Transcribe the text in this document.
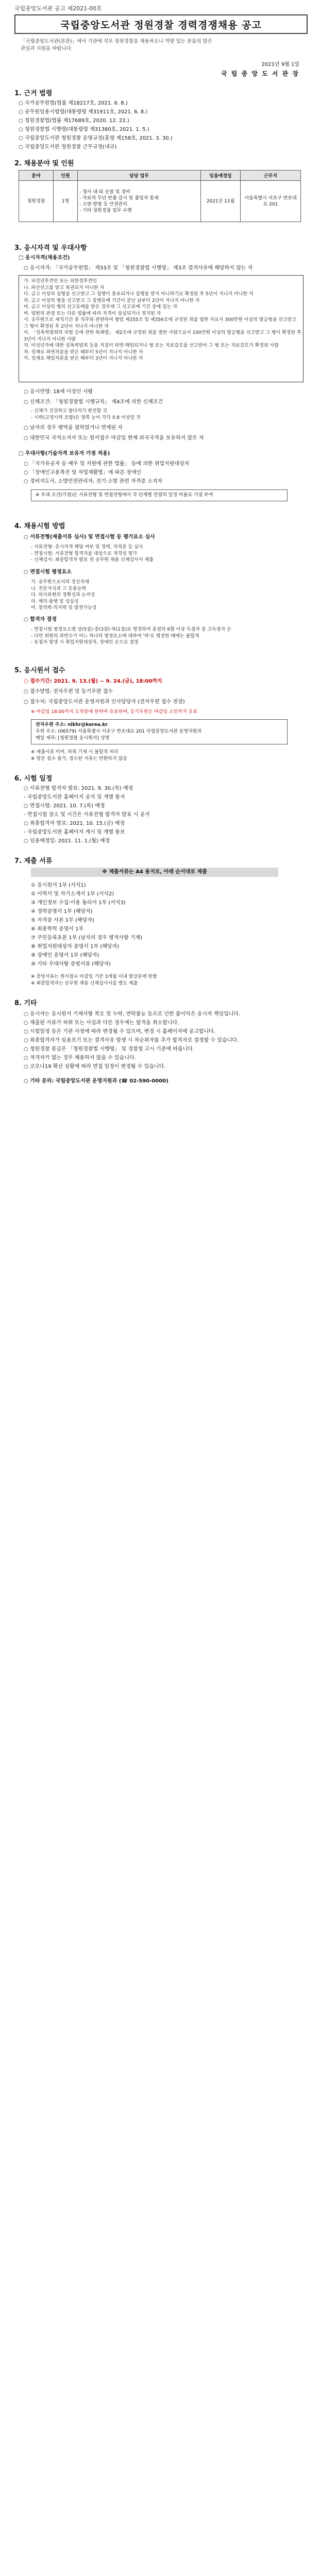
국립중앙도서관 공고 제2021-00호
국립중앙도서관 정원경찰 경력경쟁채용 공고
「국립중앙도서관(본관)」에서 기관에 직무 정원경찰을 채용하오니 역량 있는 분들의 많은
관심과 지원을 바랍니다.
2021년 9월 1일
국 립 중 앙 도 서 관 장
1. 근거 법령
○ 국가공무원법(법률 제18217호, 2021. 6. 8.)
○ 공무원임용시험령(대통령령 제31911호, 2021. 6. 8.)
○ 청원경찰법(법률 제17689호, 2020. 12. 22.)
○ 청원경찰법 시행령(대통령령 제31380호, 2021. 1. 5.)
○ 국립중앙도서관 청원경찰 운영규정(훈령 제158호, 2021. 3. 30.)
○ 국립중앙도서관 청원경찰 근무규정(내규)
2. 채용분야 및 인원
분야	인원	담당 업무	임용예정일	근무지
청원경찰	1명	- 청사 내·외 순찰 및 경비
- 자료의 무단 반출 감시 및 출입자 통제
- 소방·방범 등 안전관리
- 기타 청원경찰 업무 수행	2021년 11월	서울특별시 서초구 반포대로 201
3. 응시자격 및 우대사항
□ 응시자격(채용조건)
○ 응시자격: 「국가공무원법」 제33조 및 「청원경찰법 시행령」 제3조 결격사유에 해당하지 않는 자
가. 피성년후견인 또는 피한정후견인
나. 파산선고를 받고 복권되지 아니한 자
다. 금고 이상의 실형을 선고받고 그 집행이 종료되거나 집행을 받지 아니하기로 확정된 후 5년이 지나지 아니한 자
라. 금고 이상의 형을 선고받고 그 집행유예 기간이 끝난 날부터 2년이 지나지 아니한 자
마. 금고 이상의 형의 선고유예를 받은 경우에 그 선고유예 기간 중에 있는 자
바. 법원의 판결 또는 다른 법률에 따라 자격이 상실되거나 정지된 자
사. 공무원으로 재직기간 중 직무와 관련하여 형법 제355조 및 제356조에 규정된 죄를 범한 자로서 300만원 이상의 벌금형을 선고받고 그 형이 확정된 후 2년이 지나지 아니한 자
아. 「성폭력범죄의 처벌 등에 관한 특례법」 제2조에 규정된 죄를 범한 사람으로서 100만원 이상의 벌금형을 선고받고 그 형이 확정된 후 3년이 지나지 아니한 사람
자. 미성년자에 대한 성폭력범죄 등을 저질러 파면·해임되거나 형 또는 치료감호를 선고받아 그 형 또는 치료감호가 확정된 사람
차. 징계로 파면처분을 받은 때부터 5년이 지나지 아니한 자
카. 징계로 해임처분을 받은 때부터 3년이 지나지 아니한 자
○ 응시연령: 18세 이상인 사람
○ 신체조건: 「청원경찰법 시행규칙」 제4조에 의한 신체조건
- 신체가 건강하고 팔다리가 완전할 것
- 시력(교정시력 포함)은 양쪽 눈이 각각 0.8 이상일 것
○ 남자의 경우 병역을 필하였거나 면제된 자
○ 대한민국 국적소지자 또는 원서접수 마감일 현재 외국국적을 보유하지 않은 자
□ 우대사항(기술자격 보유자 가점 적용)
○ 「국가유공자 등 예우 및 지원에 관한 법률」 등에 의한 취업지원대상자
○ 「장애인고용촉진 및 직업재활법」에 따른 장애인
○ 경비지도사, 소방안전관리자, 전기·소방 관련 자격증 소지자
※ 우대 조건(가점)은 서류전형 및 면접전형에서 각 단계별 만점의 일정 비율로 가점 부여
4. 채용시험 방법
○ 서류전형(제출서류 심사) 및 면접시험 등 평가요소 심사
- 서류전형: 응시자격 해당 여부 및 경력, 자격증 등 심사
- 면접시험: 서류전형 합격자를 대상으로 적격성 평가
- 신체검사: 최종합격자 발표 전 공무원 채용 신체검사서 제출
○ 면접시험 평정요소
가. 공무원으로서의 정신자세
나. 전문지식과 그 응용능력
다. 의사표현의 정확성과 논리성
라. 예의·품행 및 성실성
마. 창의력·의지력 및 발전가능성
○ 합격자 결정
- 면접시험 평정요소별 상(5점)·중(3점)·하(1점)로 평정하여 총점의 6할 이상 득점자 중 고득점자 순
- 다만 위원의 과반수가 어느 하나의 평정요소에 대하여 '하'로 평정한 때에는 불합격
- 동점자 발생 시 취업지원대상자, 장애인 순으로 결정
5. 응시원서 접수
○ 접수기간: 2021. 9. 13.(월) ~ 9. 24.(금), 18:00까지
○ 접수방법: 전자우편 및 등기우편 접수
○ 접수처: 국립중앙도서관 운영지원과 인사담당자 (전자우편 접수 권장)
※ 마감일 18:00까지 도착분에 한하여 유효하며, 등기우편은 마감일 소인까지 유효
전자우편 주소: nlkhr@korea.kr
우편 주소: (06579) 서울특별시 서초구 반포대로 201 국립중앙도서관 운영지원과
메일 제목: [청원경찰 응시원서] 성명
※ 제출서류 미비, 허위 기재 시 불합격 처리
※ 방문 접수 불가, 접수된 서류는 반환하지 않음
6. 시험 일정
○ 서류전형 합격자 발표: 2021. 9. 30.(목) 예정
- 국립중앙도서관 홈페이지 공지 및 개별 통지
○ 면접시험: 2021. 10. 7.(목) 예정
- 면접시험 장소 및 시간은 서류전형 합격자 발표 시 공지
○ 최종합격자 발표: 2021. 10. 15.(금) 예정
- 국립중앙도서관 홈페이지 게시 및 개별 통보
○ 임용예정일: 2021. 11. 1.(월) 예정
7. 제출 서류
※ 제출서류는 A4 용지로, 아래 순서대로 제출
① 응시원서 1부 (서식1)
② 이력서 및 자기소개서 1부 (서식2)
③ 개인정보 수집·이용 동의서 1부 (서식3)
④ 경력증명서 1부 (해당자)
⑤ 자격증 사본 1부 (해당자)
⑥ 최종학력 증명서 1부
⑦ 주민등록초본 1부 (남자의 경우 병적사항 기재)
⑧ 취업지원대상자 증명서 1부 (해당자)
⑨ 장애인 증명서 1부 (해당자)
⑩ 기타 우대사항 증빙서류 (해당자)
※ 증빙서류는 원서접수 마감일 기준 3개월 이내 발급분에 한함
※ 최종합격자는 공무원 채용 신체검사서를 별도 제출
8. 기타
○ 응시자는 응시원서 기재사항 착오 및 누락, 연락불능 등으로 인한 불이익은 응시자 책임입니다.
○ 제출된 서류가 허위 또는 사실과 다른 경우에는 합격을 취소합니다.
○ 시험일정 등은 기관 사정에 따라 변경될 수 있으며, 변경 시 홈페이지에 공고합니다.
○ 최종합격자가 임용포기 또는 결격사유 발생 시 차순위자를 추가 합격자로 결정할 수 있습니다.
○ 청원경찰 봉급은 「청원경찰법 시행령」 및 경찰청 고시 기준에 따릅니다.
○ 적격자가 없는 경우 채용하지 않을 수 있습니다.
○ 코로나19 확산 상황에 따라 면접 일정이 변경될 수 있습니다.
○ 기타 문의: 국립중앙도서관 운영지원과 (☎ 02-590-0000)
